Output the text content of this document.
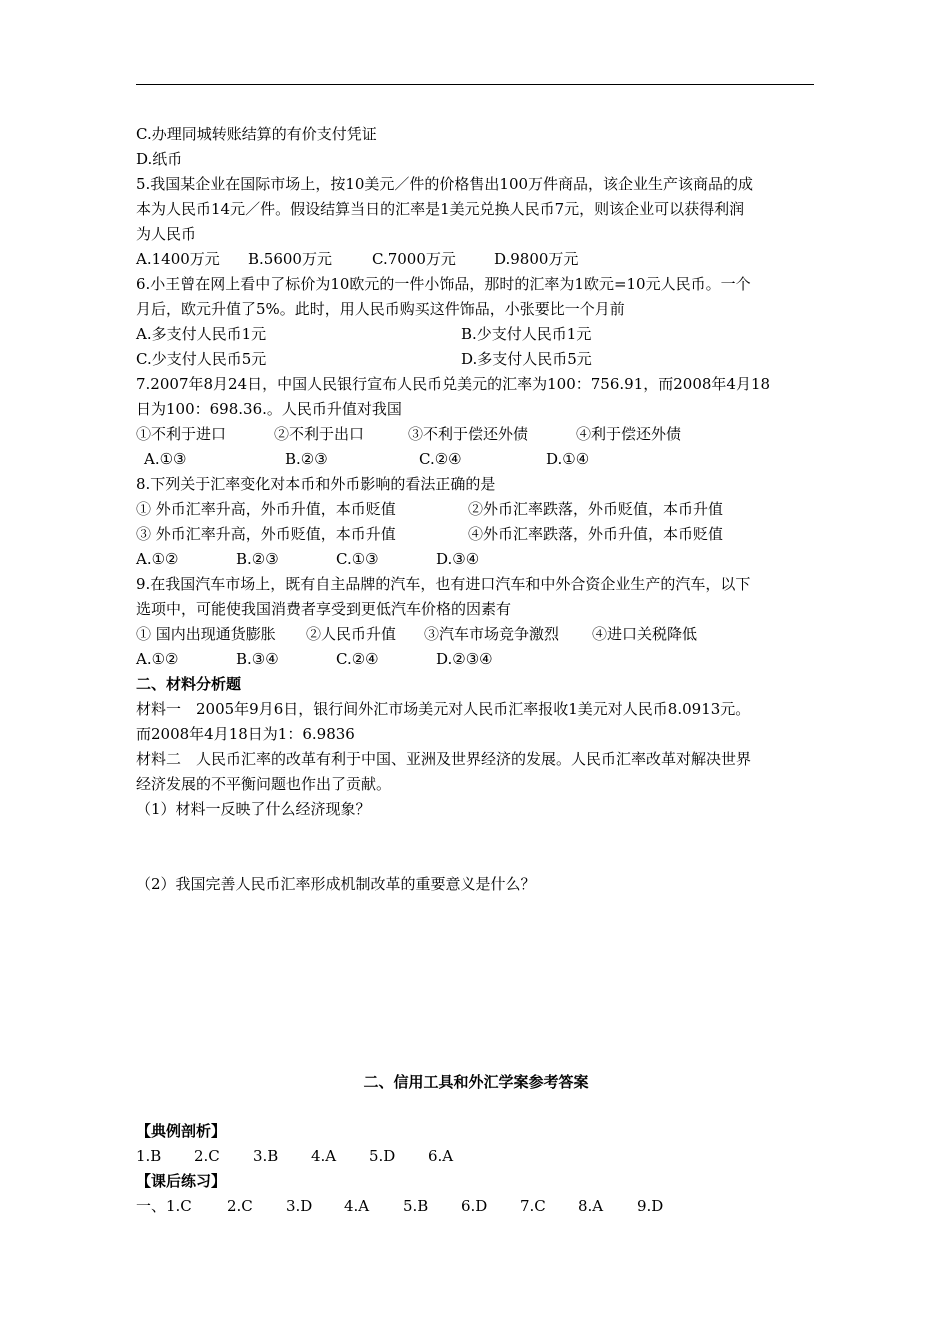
C.办理同城转账结算的有价支付凭证
D.纸币
5.我国某企业在国际市场上，按10美元／件的价格售出100万件商品，该企业生产该商品的成
本为人民币14元／件。假设结算当日的汇率是1美元兑换人民币7元，则该企业可以获得利润
为人民币
A.1400万元 B.5600万元	C.7000万元	D.9800万元
6.小王曾在网上看中了标价为10欧元的一件小饰品，那时的汇率为1欧元=10元人民币。一个
月后，欧元升值了5%。此时，用人民币购买这件饰品，小张要比一个月前
A.多支付人民币1元	B.少支付人民币1元
C.少支付人民币5元	D.多支付人民币5元
7.2007年8月24日，中国人民银行宣布人民币兑美元的汇率为100：756.91，而2008年4月18
日为100：698.36.。人民币升值对我国
①不利于进口	②不利于出口	③不利于偿还外债	④利于偿还外债
A.①③	B.②③	C.②④	D.①④
8.下列关于汇率变化对本币和外币影响的看法正确的是
① 外币汇率升高，外币升值，本币贬值	②外币汇率跌落，外币贬值，本币升值
③ 外币汇率升高，外币贬值，本币升值	④外币汇率跌落，外币升值，本币贬值
A.①②	B.②③	C.①③	D.③④
9.在我国汽车市场上，既有自主品牌的汽车，也有进口汽车和中外合资企业生产的汽车，以下
选项中，可能使我国消费者享受到更低汽车价格的因素有
① 国内出现通货膨胀 ②人民币升值 ③汽车市场竞争激烈 ④进口关税降低
A.①②	B.③④	C.②④	D.②③④
二、材料分析题
材料一　2005年9月6日，银行间外汇市场美元对人民币汇率报收1美元对人民币8.0913元。
而2008年4月18日为1：6.9836
材料二　人民币汇率的改革有利于中国、亚洲及世界经济的发展。人民币汇率改革对解决世界
经济发展的不平衡问题也作出了贡献。
（1）材料一反映了什么经济现象？
（2）我国完善人民币汇率形成机制改革的重要意义是什么？
二、信用工具和外汇学案参考答案
【典例剖析】
1.B 2.C 3.B 4.A 5.D 6.A
【课后练习】
一、1.C 2.C 3.D 4.A 5.B 6.D 7.C 8.A 9.D
